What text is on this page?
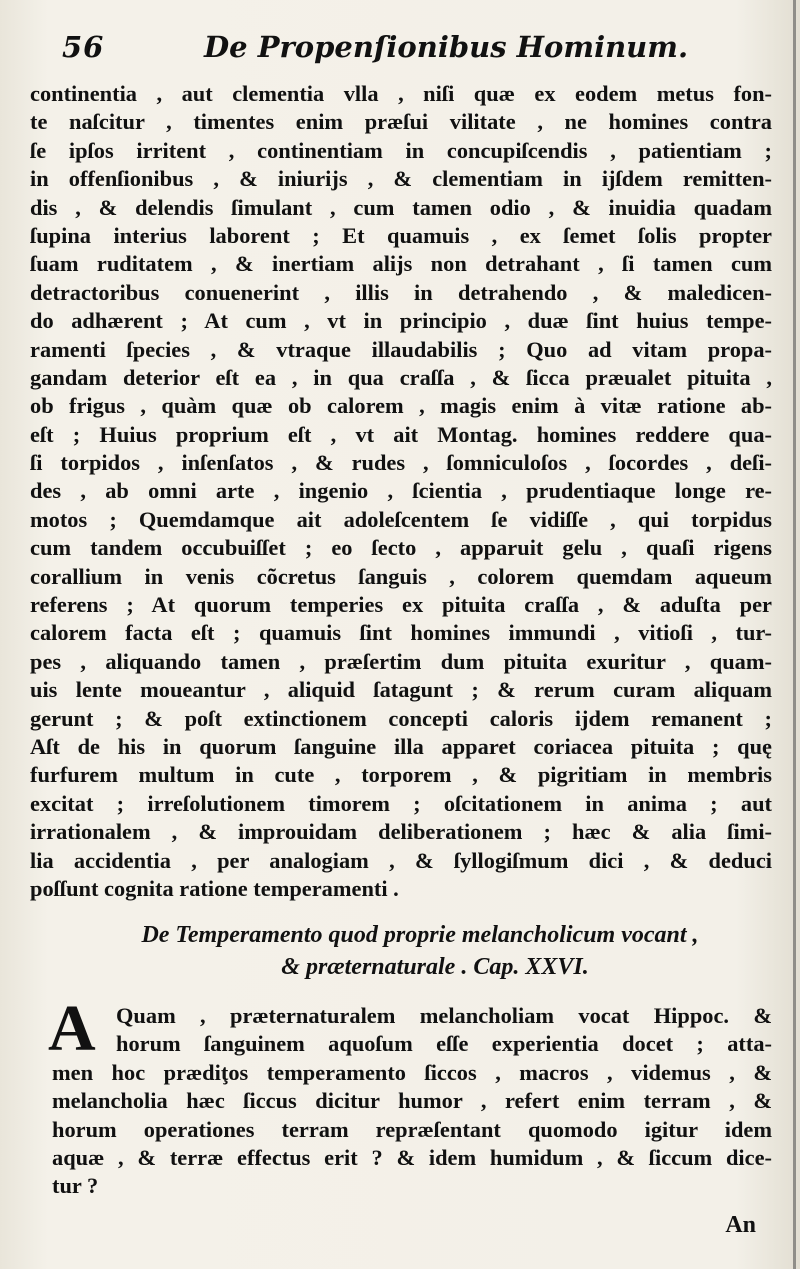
56	De Propenſionibus Hominum.
continentia , aut clementia vlla , niſi quæ ex eodem metus fon-
te naſcitur , timentes enim præſui vilitate , ne homines contra
ſe ipſos irritent , continentiam in concupiſcendis , patientiam ;
in offenſionibus , & iniurijs , & clementiam in ijſdem remitten-
dis , & delendis ſimulant , cum tamen odio , & inuidia quadam
ſupina interius laborent ; Et quamuis , ex ſemet ſolis propter
ſuam ruditatem , & inertiam alijs non detrahant , ſi tamen cum
detractoribus conuenerint , illis in detrahendo , & maledicen-
do adhærent ; At cum , vt in principio , duæ ſint huius tempe-
ramenti ſpecies , & vtraque illaudabilis ; Quo ad vitam propa-
gandam deterior eſt ea , in qua craſſa , & ſicca præualet pituita ,
ob frigus , quàm quæ ob calorem , magis enim à vitæ ratione ab-
eſt ; Huius proprium eſt , vt ait Montag. homines reddere qua-
ſi torpidos , inſenſatos , & rudes , ſomniculoſos , ſocordes , deſi-
des , ab omni arte , ingenio , ſcientia , prudentiaque longe re-
motos ; Quemdamque ait adoleſcentem ſe vidiſſe , qui torpidus
cum tandem occubuiſſet ; eo ſecto , apparuit gelu , quaſi rigens
corallium in venis cõcretus ſanguis , colorem quemdam aqueum
referens ; At quorum temperies ex pituita craſſa , & aduſta per
calorem facta eſt ; quamuis ſint homines immundi , vitioſi , tur-
pes , aliquando tamen , præſertim dum pituita exuritur , quam-
uis lente moueantur , aliquid ſatagunt ; & rerum curam aliquam
gerunt ; & poſt extinctionem concepti caloris ijdem remanent ;
Aſt de his in quorum ſanguine illa apparet coriacea pituita ; quę
furfurem multum in cute , torporem , & pigritiam in membris
excitat ; irreſolutionem timorem ; oſcitationem in anima ; aut
irrationalem , & improuidam deliberationem ; hæc & alia ſimi-
lia accidentia , per analogiam , & ſyllogiſmum dici , & deduci
poſſunt cognita ratione temperamenti .
De Temperamento quod proprie melancholicum vocant ,
& præternaturale . Cap. XXVI.
A Quam , præternaturalem melancholiam vocat Hippoc. &
horum ſanguinem aquoſum eſſe experientia docet ; atta-
men hoc prædiţos temperamento ſiccos , macros , videmus , &
melancholia hæc ſiccus dicitur humor , refert enim terram , &
horum operationes terram repræſentant quomodo igitur idem
aquæ , & terræ effectus erit ? & idem humidum , & ſiccum dice-
tur ?
An
